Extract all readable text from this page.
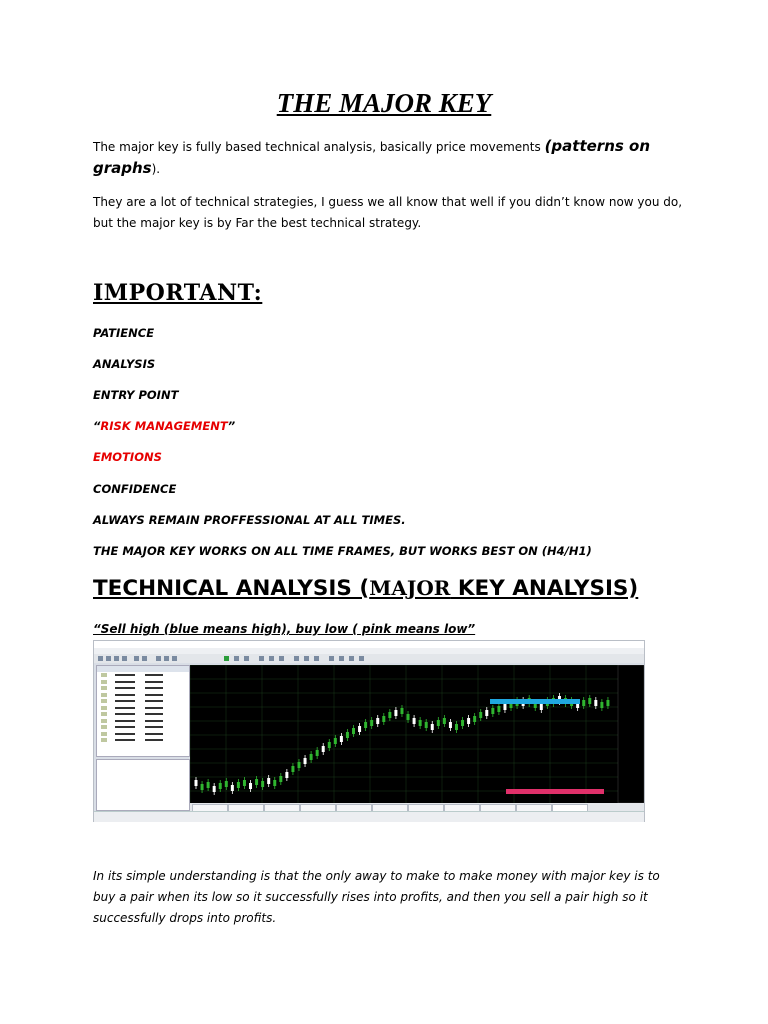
THE MAJOR KEY
The major key is fully based technical analysis, basically price movements (patterns on graphs).
They are a lot of technical strategies, I guess we all know that well if you didn’t know now you do, but the major key is by Far the best technical strategy.
IMPORTANT:
PATIENCE
ANALYSIS
ENTRY POINT
“RISK MANAGEMENT”
EMOTIONS
CONFIDENCE
ALWAYS REMAIN PROFFESSIONAL AT ALL TIMES.
THE MAJOR KEY WORKS ON ALL TIME FRAMES, BUT WORKS BEST ON (H4/H1)
TECHNICAL ANALYSIS (MAJOR KEY ANALYSIS)
“Sell high (blue means high), buy low ( pink means low”
In its simple understanding is that the only away to make to make money with major key is to buy a pair when its low so it successfully rises into profits, and then you sell a pair high so it successfully drops into profits.
